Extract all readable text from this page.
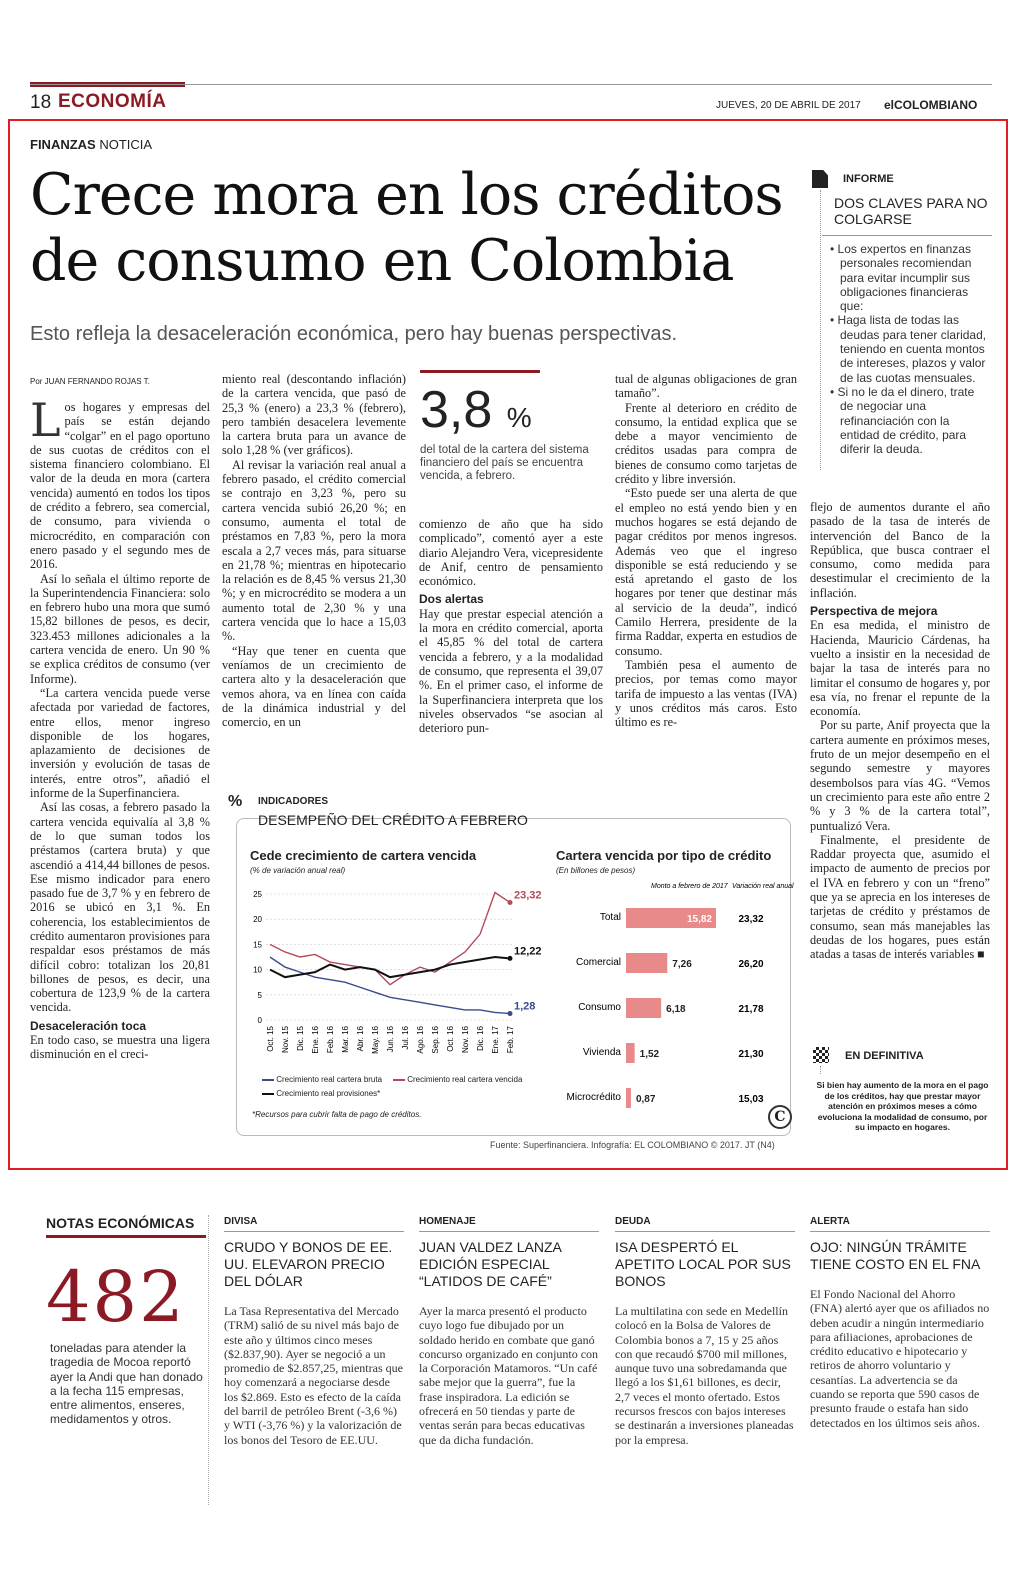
18 ECONOMÍA	JUEVES, 20 DE ABRIL DE 2017 elCOLOMBIANO
FINANZAS NOTICIA
Crece mora en los créditos de consumo en Colombia
Esto refleja la desaceleración económica, pero hay buenas perspectivas.
Por JUAN FERNANDO ROJAS T.

Los hogares y empresas del país se están dejando “colgar” en el pago oportuno de sus cuotas de créditos con el sistema financiero colombiano. El valor de la deuda en mora (cartera vencida) aumentó en todos los tipos de crédito a febrero, sea comercial, de consumo, para vivienda o microcrédito, en comparación con enero pasado y el segundo mes de 2016.

Así lo señala el último reporte de la Superintendencia Financiera: solo en febrero hubo una mora que sumó 15,82 billones de pesos, es decir, 323.453 millones adicionales a la cartera vencida de enero. Un 90 % se explica créditos de consumo (ver Informe).

“La cartera vencida puede verse afectada por variedad de factores, entre ellos, menor ingreso disponible de los hogares, aplazamiento de decisiones de inversión y evolución de tasas de interés, entre otros”, añadió el informe de la Superfinanciera.

Así las cosas, a febrero pasado la cartera vencida equivalía al 3,8 % de lo que suman todos los préstamos (cartera bruta) y que ascendió a 414,44 billones de pesos. Ese mismo indicador para enero pasado fue de 3,7 % y en febrero de 2016 se ubicó en 3,1 %. En coherencia, los establecimientos de crédito aumentaron provisiones para respaldar esos préstamos de más difícil cobro: totalizan los 20,81 billones de pesos, es decir, una cobertura de 123,9 % de la cartera vencida.

Desaceleración toca

En todo caso, se muestra una ligera disminución en el creci-

miento real (descontando inflación) de la cartera vencida, que pasó de 25,3 % (enero) a 23,3 % (febrero), pero también desacelera levemente la cartera bruta para un avance de solo 1,28 % (ver gráficos).

Al revisar la variación real anual a febrero pasado, el crédito comercial se contrajo en 3,23 %, pero su cartera vencida subió 26,20 %; en consumo, aumenta el total de préstamos en 7,83 %, pero la mora escala a 2,7 veces más, para situarse en 21,78 %; mientras en hipotecario la relación es de 8,45 % versus 21,30 %; y en microcrédito se modera a un aumento total de 2,30 % y una cartera vencida que lo hace a 15,03 %.

“Hay que tener en cuenta que veníamos de un crecimiento de cartera alto y la desaceleración que vemos ahora, va en línea con caída de la dinámica industrial y del comercio, en un

3,8 %
del total de la cartera del sistema financiero del país se encuentra vencida, a febrero.

comienzo de año que ha sido complicado”, comentó ayer a este diario Alejandro Vera, vicepresidente de Anif, centro de pensamiento económico.

Dos alertas

Hay que prestar especial atención a la mora en crédito comercial, aporta el 45,85 % del total de cartera vencida a febrero, y a la modalidad de consumo, que representa el 39,07 %. En el primer caso, el informe de la Superfinanciera interpreta que los niveles observados “se asocian al deterioro pun-

tual de algunas obligaciones de gran tamaño”.

Frente al deterioro en crédito de consumo, la entidad explica que se debe a mayor vencimiento de créditos usadas para compra de bienes de consumo como tarjetas de crédito y libre inversión.

“Esto puede ser una alerta de que el empleo no está yendo bien y en muchos hogares se está dejando de pagar créditos por menos ingresos. Además veo que el ingreso disponible se está reduciendo y se está apretando el gasto de los hogares por tener que destinar más al servicio de la deuda”, indicó Camilo Herrera, presidente de la firma Raddar, experta en estudios de consumo.

También pesa el aumento de precios, por temas como mayor tarifa de impuesto a las ventas (IVA) y unos créditos más caros. Esto último es re-

flejo de aumentos durante el año pasado de la tasa de interés de intervención del Banco de la República, que busca contraer el consumo, como medida para desestimular el crecimiento de la inflación.

Perspectiva de mejora

En esa medida, el ministro de Hacienda, Mauricio Cárdenas, ha vuelto a insistir en la necesidad de bajar la tasa de interés para no limitar el consumo de hogares y, por esa vía, no frenar el repunte de la economía.

Por su parte, Anif proyecta que la cartera aumente en próximos meses, fruto de un mejor desempeño en el segundo semestre y mayores desembolsos para vías 4G. “Vemos un crecimiento para este año entre 2 % y 3 % de la cartera total”, puntualizó Vera.

Finalmente, el presidente de Raddar proyecta que, asumido el impacto de aumento de precios por el IVA en febrero y con un “freno” que ya se aprecia en los intereses de tarjetas de crédito y préstamos de consumo, sean más manejables las deudas de los hogares, pues están atadas a tasas de interés variables ■

INFORME
DOS CLAVES PARA NO COLGARSE
• Los expertos en finanzas personales recomiendan para evitar incumplir sus obligaciones financieras que:
• Haga lista de todas las deudas para tener claridad, teniendo en cuenta montos de intereses, plazos y valor de las cuotas mensuales.
• Si no le da el dinero, trate de negociar una refinanciación con la entidad de crédito, para diferir la deuda.
% INDICADORES
DESEMPEÑO DEL CRÉDITO A FEBRERO
Cede crecimiento de cartera vencida
(% de variación anual real)
0
5
10
15
20
25
Oct. 15 Nov. 15 Dic. 15 Ene. 16 Feb. 16 Mar. 16 Abr. 16 May. 16 Jun. 16 Jul. 16 Ago. 16 Sep. 16 Oct. 16 Nov. 16 Dic. 16 Ene. 17 Feb. 17
1,28
23,32
12,22
Crecimiento real cartera bruta	Crecimiento real cartera vencida
Crecimiento real provisiones*
*Recursos para cubrir falta de pago de créditos.
Cartera vencida por tipo de crédito
(En billones de pesos)
Monto a febrero de 2017 Variación real anual
Total	15,82	23,32
Comercial	7,26	26,20
Consumo	6,18	21,78
Vivienda 1,52	21,30
Microcrédito 0,87	15,03
C
Fuente: Superfinanciera. Infografía: EL COLOMBIANO © 2017. JT (N4)
EN DEFINITIVA
Si bien hay aumento de la mora en el pago de los créditos, hay que prestar mayor atención en próximos meses a cómo evoluciona la modalidad de consumo, por su impacto en hogares.
NOTAS ECONÓMICAS
482
toneladas para atender la tragedia de Mocoa reportó ayer la Andi que han donado a la fecha 115 empresas, entre alimentos, enseres, medidamentos y otros.
DIVISA
CRUDO Y BONOS DE EE. UU. ELEVARON PRECIO DEL DÓLAR
La Tasa Representativa del Mercado (TRM) salió de su nivel más bajo de este año y últimos cinco meses ($2.837,90). Ayer se negoció a un promedio de $2.857,25, mientras que hoy comenzará a negociarse desde los $2.869. Esto es efecto de la caída del barril de petróleo Brent (-3,6 %) y WTI (-3,76 %) y la valorización de los bonos del Tesoro de EE.UU.
HOMENAJE
JUAN VALDEZ LANZA EDICIÓN ESPECIAL “LATIDOS DE CAFÉ”
Ayer la marca presentó el producto cuyo logo fue dibujado por un soldado herido en combate que ganó concurso organizado en conjunto con la Corporación Matamoros. “Un café sabe mejor que la guerra”, fue la frase inspiradora. La edición se ofrecerá en 50 tiendas y parte de ventas serán para becas educativas que da dicha fundación.
DEUDA
ISA DESPERTÓ EL APETITO LOCAL POR SUS BONOS
La multilatina con sede en Medellín colocó en la Bolsa de Valores de Colombia bonos a 7, 15 y 25 años con que recaudó $700 mil millones, aunque tuvo una sobredamanda que llegó a los $1,61 billones, es decir, 2,7 veces el monto ofertado. Estos recursos frescos con bajos intereses se destinarán a inversiones planeadas por la empresa.
ALERTA
OJO: NINGÚN TRÁMITE TIENE COSTO EN EL FNA
El Fondo Nacional del Ahorro (FNA) alertó ayer que os afiliados no deben acudir a ningún intermediario para afiliaciones, aprobaciones de crédito educativo e hipotecario y retiros de ahorro voluntario y cesantías. La advertencia se da cuando se reporta que 590 casos de presunto fraude o estafa han sido detectados en los últimos seis años.
